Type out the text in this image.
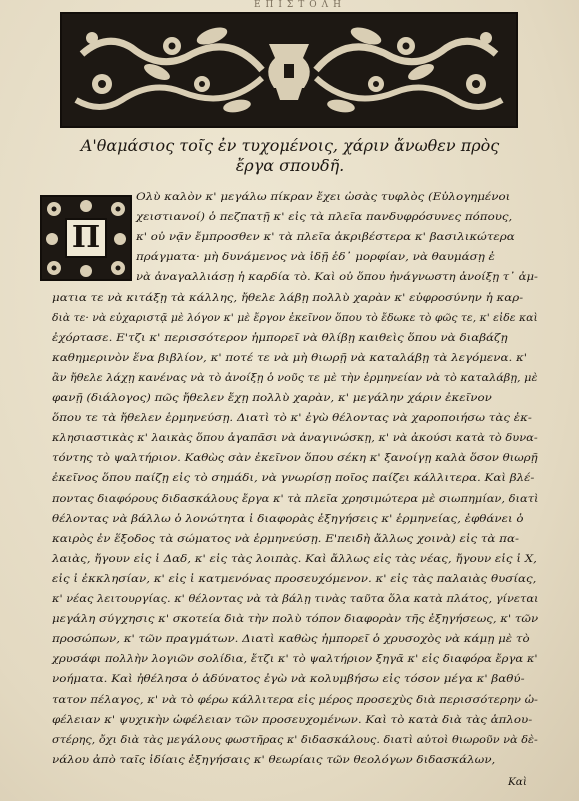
ΕΠΙΣΤΟΛΗ
Α'θαμάσιος τοῖς ἐν τυχομένοις, χάριν ἄνωθεν πρὸς
ἔργα σπουδῆ.
Π
Ολὺ καλὸν κ' μεγάλω πίκραν ἔχει ὡσὰς τυφλὸς (Εὐλογημένοι
χειστιανοί) ὁ πεζπατῇ κ' εἰς τὰ πλεῖα πανδυφρόσυνες πόπους,
κ' οὐ νᾷν ἔμπροσθεν κ' τὰ πλεῖα ἀκριβέστερα κ' βασιλικώτερα
πράγματα· μὴ δυνάμενος νὰ ἰδῇ ἑδ᾽ μορφίαν, νὰ θαυμάσῃ ἐ
νὰ ἀναγαλλιάσῃ ἡ καρδία τὸ. Καὶ οὐ ὅπου ἠνάγνωστη ἀνοίξῃ τ᾽ ἀμ-
ματια τε νὰ κιτάξῃ τὰ κάλλης, ἤθελε λάβῃ πολλὺ χαρὰν κ' εὐφροσύνην ἡ καρ-
διὰ τε· νὰ εὐχαριστᾷ μὲ λόγον κ' μὲ ἔργον ἐκεῖνον ὅπου τὸ ἔδωκε τὸ φῶς τε, κ' εἰδε καὶ
ἐχόρτασε. Ε'τζι κ' περισσότερον ἠμπορεῖ νὰ θλίβῃ καιθεὶς ὅπου νὰ διαβάζῃ
καθημερινὸν ἕνα βιβλίον, κ' ποτέ τε νὰ μὴ θιωρῇ νὰ καταλάβῃ τὰ λεγόμενα. κ'
ἂν ἤθελε λάχῃ κανένας νὰ τὸ ἀνοίξῃ ὁ νοῦς τε μὲ τὴν ἑρμηνείαν νὰ τὸ καταλάβῃ, μὲ
φανῇ (διάλογος) πῶς ἤθελεν ἔχῃ πολλὺ χαρὰν, κ' μεγάλην χάριν ἐκεῖνον
ὅπου τε τὰ ἤθελεν ἑρμηνεύσῃ. Διατὶ τὸ κ' ἐγὼ θέλοντας νὰ χαροποιήσω τὰς ἐκ-
κλησιαστικὰς κ' λαικὰς ὅπου ἀγαπᾶσι νὰ ἀναγινώσκῃ, κ' νὰ ἀκούσι κατὰ τὸ δυνα-
τόντης τὸ ψαλτήριον. Καθὼς σὰν ἐκεῖνον ὅπου σέκη κ' ξανοίγῃ καλὰ ὅσον θιωρῇ
ἐκεῖνος ὅπου παίζῃ εἰς τὸ σημάδι, νὰ γνωρίσῃ ποῖος παίζει κάλλιτερα. Καὶ βλέ-
ποντας διαφόρους διδασκάλους ἔργα κ' τὰ πλεῖα χρησιμώτερα μὲ σιωπημίαν, διατὶ
θέλοντας νὰ βάλλω ὁ λονώτητα ἰ διαφορὰς ἐξηγήσεις κ' ἑρμηνείας, ἐφθάνει ὁ
καιρὸς ἐν ἕξοδος τὰ σώματος νὰ ἑρμηνεύσῃ. Ε'πειδὴ ἄλλως χοινὰ) εἰς τὰ πα-
λαιὰς, ἤγουν εἰς ἰ Δαδ, κ' εἰς τὰς λοιπὰς. Καὶ ἄλλως εἰς τὰς νέας, ἤγουν εἰς ἰ Χ,
εἰς ἰ ἐκκλησίαν, κ' εἰς ἰ κατμενόνας προσευχόμενον. κ' εἰς τὰς παλαιὰς θυσίας,
κ' νέας λειτουργίας. κ' θέλοντας νὰ τὰ βάλῃ τινὰς ταῦτα ὅλα κατὰ πλάτος, γίνεται
μεγάλη σύγχησις κ' σκοτεία διὰ τὴν πολὺ τόπον διαφορὰν τῆς ἐξηγήσεως, κ' τῶν
προσώπων, κ' τῶν πραγμάτων. Διατὶ καθὼς ἠμπορεῖ ὁ χρυσοχὸς νὰ κάμῃ μὲ τὸ
χρυσάφι πολλὴν λογιῶν σολίδια, ἔτζι κ' τὸ ψαλτήριον ξηγᾶ κ' εἰς διαφόρα ἔργα κ'
νοήματα. Καὶ ἠθέλησα ὁ ἀδύνατος ἐγὼ νὰ κολυμβήσω εἰς τόσον μέγα κ' βαθύ-
τατον πέλαγος, κ' νὰ τὸ φέρω κάλλιτερα εἰς μέρος προσεχὺς διὰ περισσότερην ὠ-
φέλειαν κ' ψυχικὴν ὠφέλειαν τῶν προσευχομένων. Καὶ τὸ κατὰ διὰ τὰς ἁπλου-
στέρης, ὄχι διὰ τὰς μεγάλους φωστῆρας κ' διδασκάλους. διατὶ αὐτοὶ θιωροῦν νὰ δὲ-
νάλου ἀπὸ ταῖς ἰδίαις ἐξηγήσαις κ' θεωρίαις τῶν θεολόγων διδασκάλων,
Καὶ
